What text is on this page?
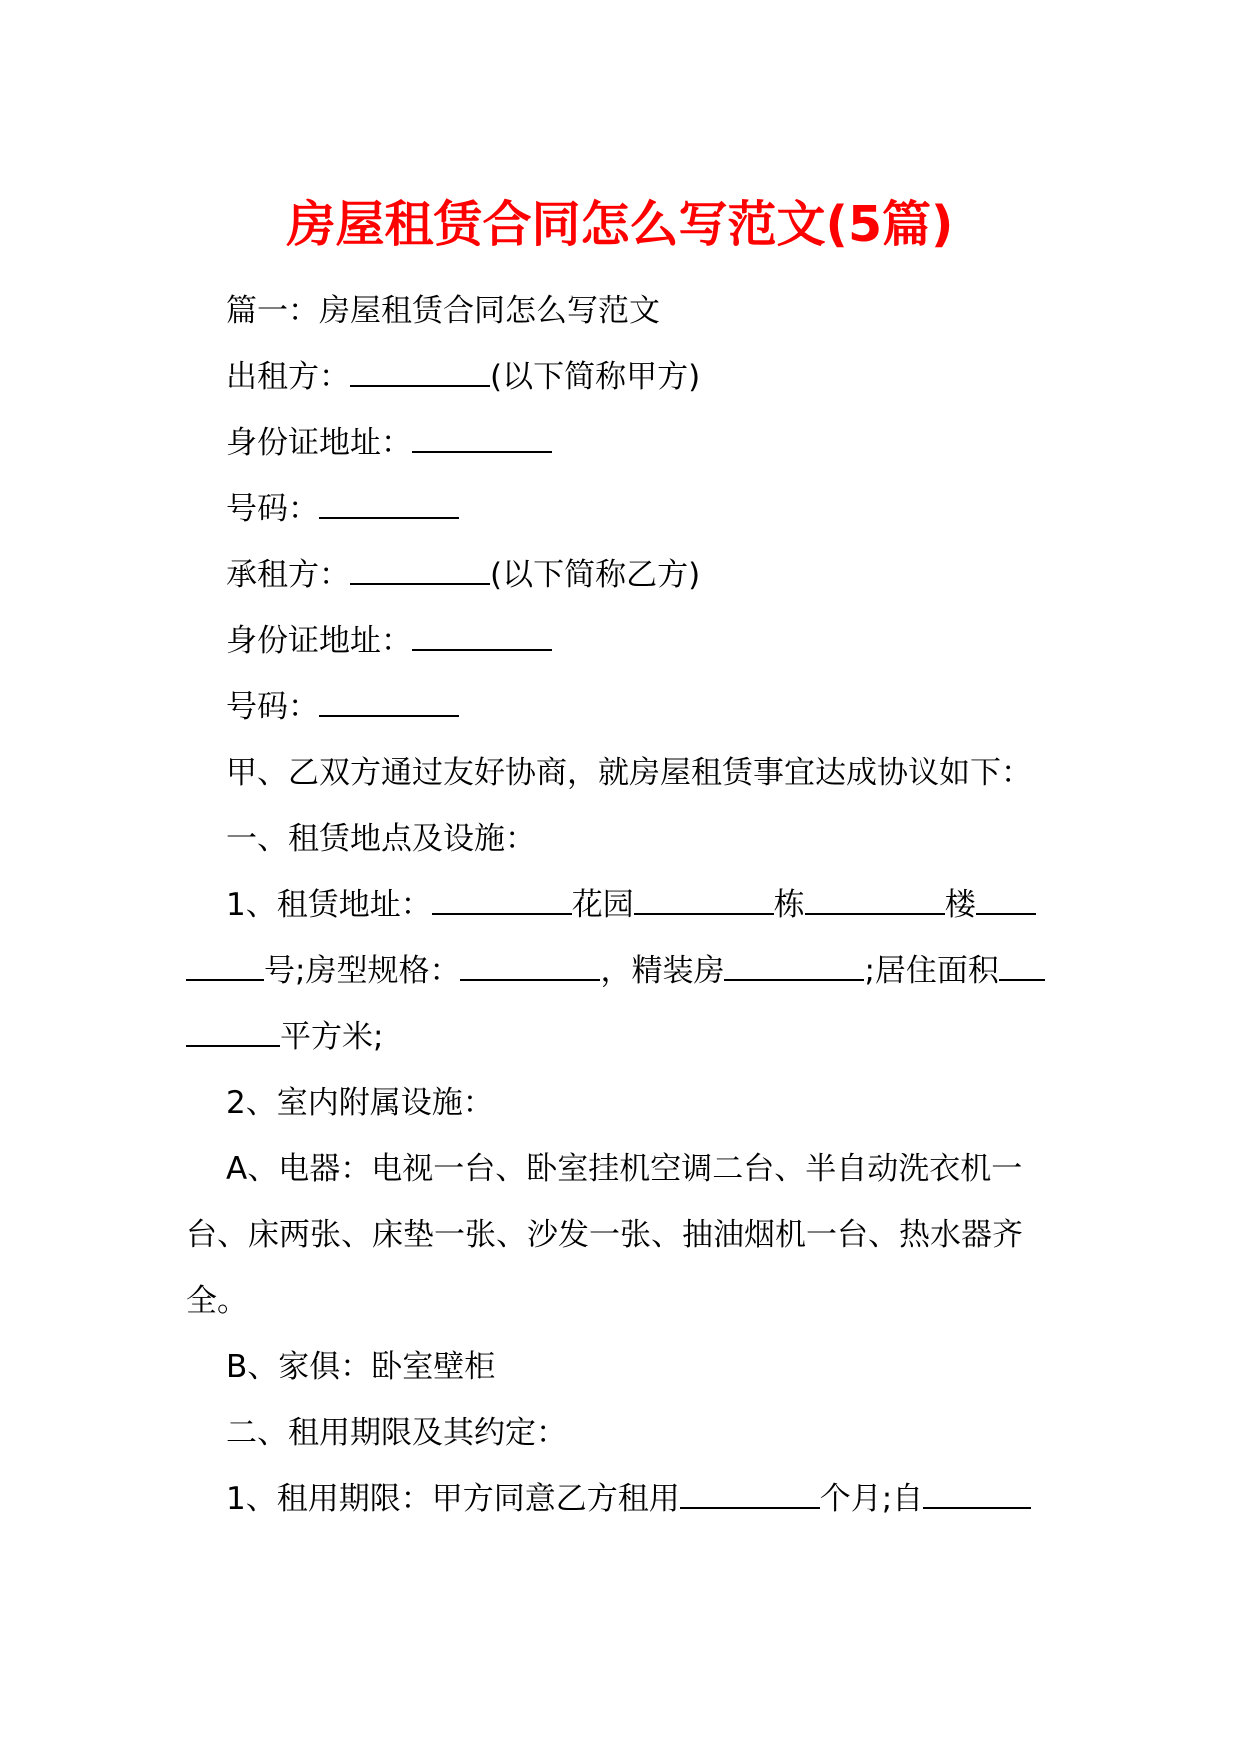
房屋租赁合同怎么写范文(5篇)
篇一：房屋租赁合同怎么写范文
出租方：	(以下简称甲方)
身份证地址：
号码：
承租方：	(以下简称乙方)
身份证地址：
号码：
甲、乙双方通过友好协商，就房屋租赁事宜达成协议如下：
一、租赁地点及设施：
1、租赁地址：	花园	栋	楼
号;房型规格：	，精装房	;居住面积
平方米;
2、室内附属设施：
A、电器：电视一台、卧室挂机空调二台、半自动洗衣机一
台、床两张、床垫一张、沙发一张、抽油烟机一台、热水器齐
全。
B、家俱：卧室壁柜
二、租用期限及其约定：
1、租用期限：甲方同意乙方租用	个月;自
